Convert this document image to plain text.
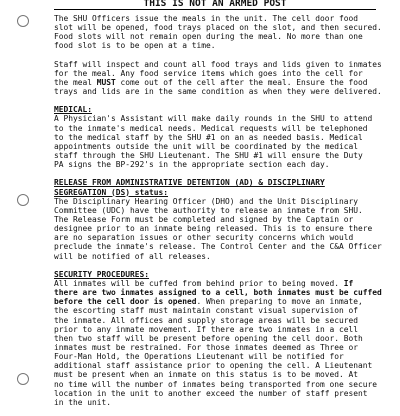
THIS IS NOT AN ARMED POST

The SHU Officers issue the meals in the unit. The cell door food
slot will be opened, food trays placed on the slot, and then secured.
Food slots will not remain open during the meal. No more than one
food slot is to be open at a time.

Staff will inspect and count all food trays and lids given to inmates
for the meal. Any food service items which goes into the cell for
the meal MUST come out of the cell after the meal. Ensure the food
trays and lids are in the same condition as when they were delivered.

MEDICAL:
A Physician's Assistant will make daily rounds in the SHU to attend
to the inmate's medical needs. Medical requests will be telephoned
to the medical staff by the SHU #1 on an as needed basis. Medical
appointments outside the unit will be coordinated by the medical
staff through the SHU Lieutenant. The SHU #1 will ensure the Duty
PA signs the BP-292's in the appropriate section each day.

RELEASE FROM ADMINISTRATIVE DETENTION (AD) & DISCIPLINARY
SEGREGATION (DS) status:
The Disciplinary Hearing Officer (DHO) and the Unit Disciplinary
Committee (UDC) have the authority to release an inmate from SHU.
The Release Form must be completed and signed by the Captain or
designee prior to an inmate being released. This is to ensure there
are no separation issues or other security concerns which would
preclude the inmate's release. The Control Center and the C&A Officer
will be notified of all releases.

SECURITY PROCEDURES:
All inmates will be cuffed from behind prior to being moved. If
there are two inmates assigned to a cell, both inmates must be cuffed
before the cell door is opened. When preparing to move an inmate,
the escorting staff must maintain constant visual supervision of
the inmate. All offices and supply storage areas will be secured
prior to any inmate movement. If there are two inmates in a cell
then two staff will be present before opening the cell door. Both
inmates must be restrained. For those inmates deemed as Three or
Four-Man Hold, the Operations Lieutenant will be notified for
additional staff assistance prior to opening the cell. A Lieutenant
must be present when an inmate on this status is to be moved. At
no time will the number of inmates being transported from one secure
location in the unit to another exceed the number of staff present
in the unit.
